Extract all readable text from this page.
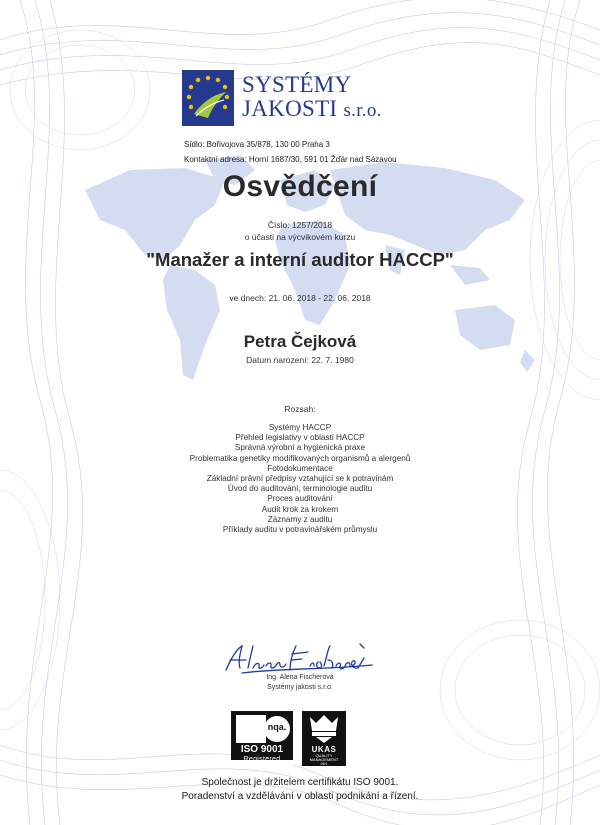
SYSTÉMY
JAKOSTI s.r.o.
Sídlo: Bořivojova 35/878, 130 00 Praha 3
Kontaktní adresa: Horní 1687/30, 591 01 Žďár nad Sázavou
Osvědčení
Číslo: 1257/2018
o účasti na výcvikovém kurzu
"Manažer a interní auditor HACCP"
ve dnech: 21. 06. 2018 - 22. 06. 2018
Petra Čejková
Datum narození: 22. 7. 1980
Rozsah:
Systémy HACCP
Přehled legislativy v oblasti HACCP
Správná výrobní a hygienická praxe
Problematika genetiky modifikovaných organismů a alergenů
Fotodokumentace
Základní právní předpisy vztahující se k potravinám
Úvod do auditování, terminologie auditu
Proces auditování
Audit krok za krokem
Záznamy z auditu
Příklady auditu v potravinářském průmyslu
Ing. Alena Fischerová
Systémy jakosti s.r.o.
nqa.
ISO 9001
Registered
UKAS
QUALITY
MANAGEMENT
001
Společnost je držitelem certifikátu ISO 9001.
Poradenství a vzdělávání v oblasti podnikání a řízení.
